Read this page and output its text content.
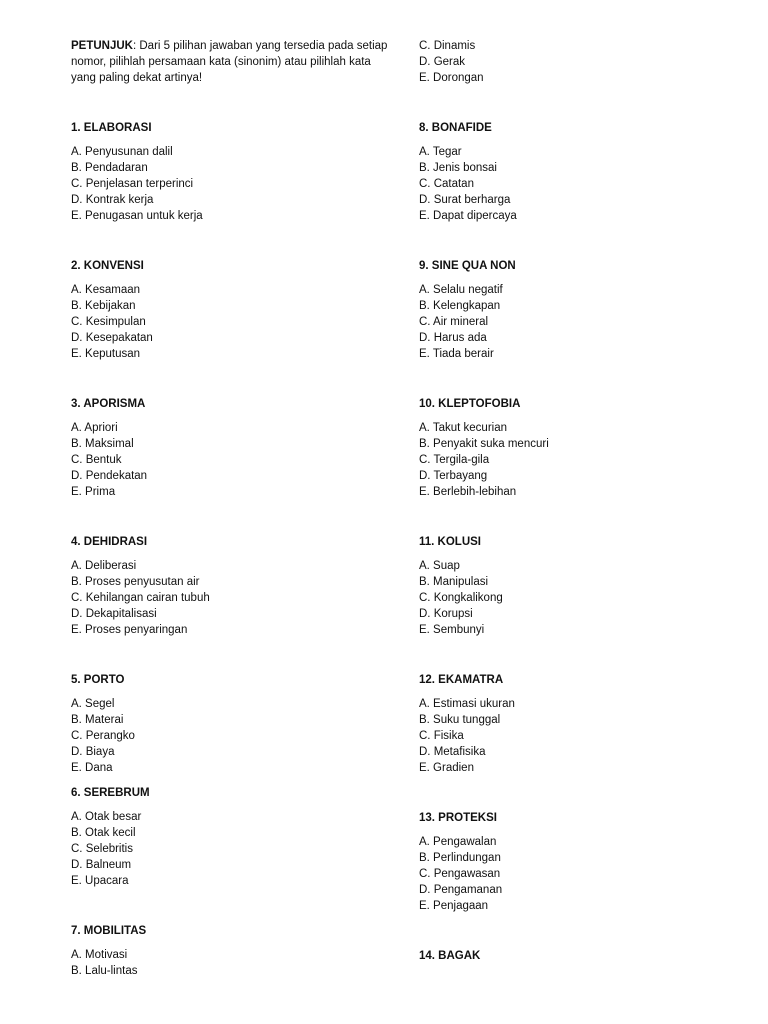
PETUNJUK: Dari 5 pilihan jawaban yang tersedia pada setiap nomor, pilihlah persamaan kata (sinonim) atau pilihlah kata yang paling dekat artinya!

1. ELABORASI

A. Penyusunan dalil

B. Pendadaran

C. Penjelasan terperinci

D. Kontrak kerja

E. Penugasan untuk kerja

2. KONVENSI

A. Kesamaan

B. Kebijakan

C. Kesimpulan

D. Kesepakatan

E. Keputusan

3. APORISMA

A. Apriori

B. Maksimal

C. Bentuk

D. Pendekatan

E. Prima

4. DEHIDRASI

A. Deliberasi

B. Proses penyusutan air

C. Kehilangan cairan tubuh

D. Dekapitalisasi

E. Proses penyaringan

5. PORTO

A. Segel

B. Materai

C. Perangko

D. Biaya

E. Dana

6. SEREBRUM

A. Otak besar

B. Otak kecil

C. Selebritis

D. Balneum

E. Upacara

7. MOBILITAS

A. Motivasi

B. Lalu-lintas

C. Dinamis

D. Gerak

E. Dorongan

8. BONAFIDE

A. Tegar

B. Jenis bonsai

C. Catatan

D. Surat berharga

E. Dapat dipercaya

9. SINE QUA NON

A. Selalu negatif

B. Kelengkapan

C. Air mineral

D. Harus ada

E. Tiada berair

10. KLEPTOFOBIA

A. Takut kecurian

B. Penyakit suka mencuri

C. Tergila-gila

D. Terbayang

E. Berlebih-lebihan

11. KOLUSI

A. Suap

B. Manipulasi

C. Kongkalikong

D. Korupsi

E. Sembunyi

12. EKAMATRA

A. Estimasi ukuran

B. Suku tunggal

C. Fisika

D. Metafisika

E. Gradien

13. PROTEKSI

A. Pengawalan

B. Perlindungan

C. Pengawasan

D. Pengamanan

E. Penjagaan

14. BAGAK
